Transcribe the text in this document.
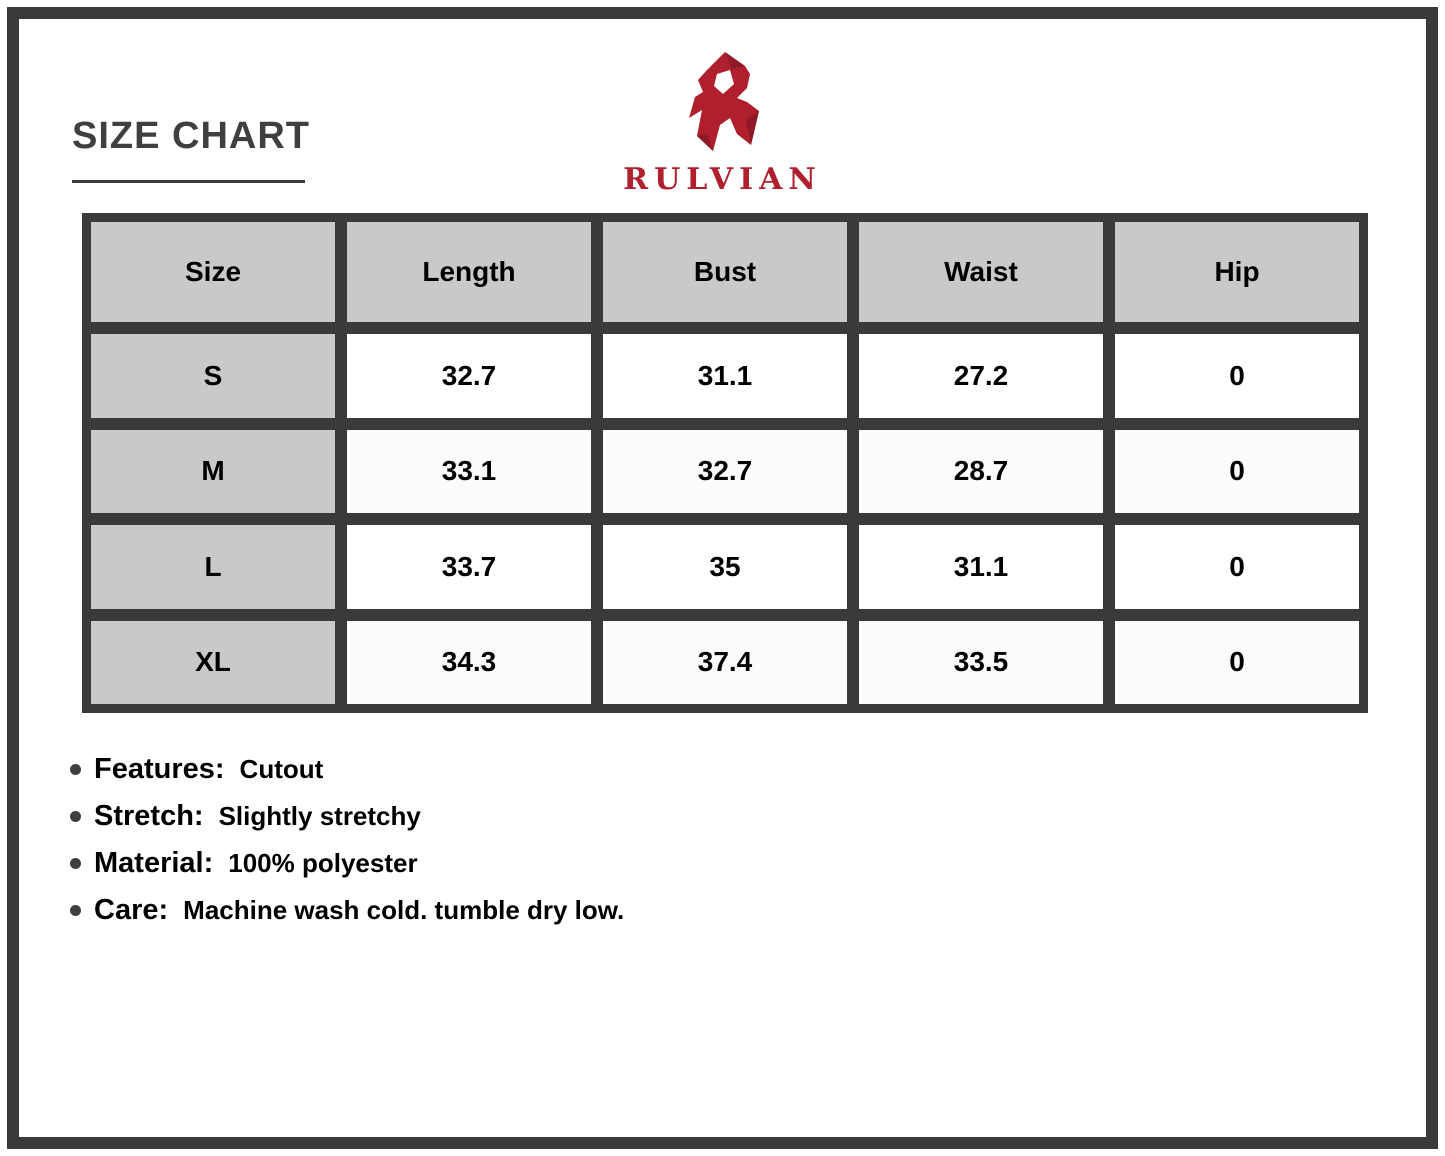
SIZE CHART
RULVIAN
Size	Length	Bust	Waist	Hip
S	32.7	31.1	27.2	0
M	33.1	32.7	28.7	0
L	33.7	35	31.1	0
XL	34.3	37.4	33.5	0
Features: Cutout
Stretch: Slightly stretchy
Material: 100% polyester
Care: Machine wash cold. tumble dry low.
